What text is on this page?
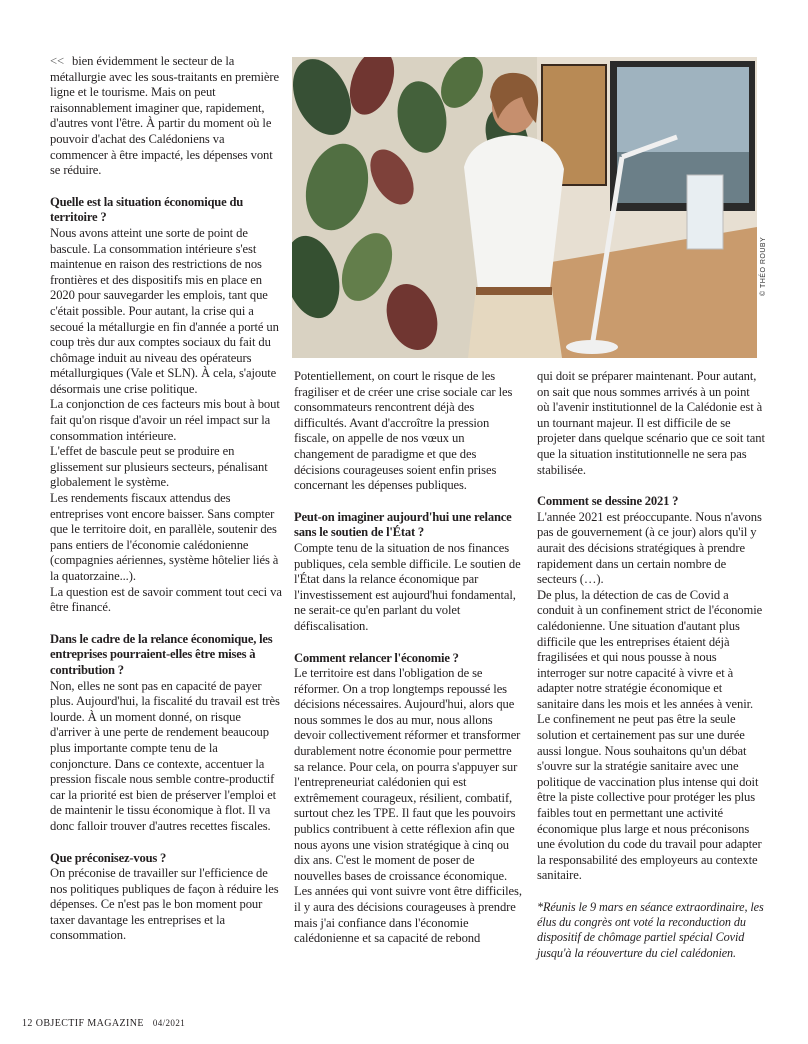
© THÉO ROUBY

<< bien évidemment le secteur de la métallurgie avec les sous-traitants en première ligne et le tourisme. Mais on peut raisonnablement imaginer que, rapidement, d'autres vont l'être. À partir du moment où le pouvoir d'achat des Calédoniens va commencer à être impacté, les dépenses vont se réduire.

Quelle est la situation économique du territoire ?

Nous avons atteint une sorte de point de bascule. La consommation intérieure s'est maintenue en raison des restrictions de nos frontières et des dispositifs mis en place en 2020 pour sauvegarder les emplois, tant que c'était possible. Pour autant, la crise qui a secoué la métallurgie en fin d'année a porté un coup très dur aux comptes sociaux du fait du chômage induit au niveau des opérateurs métallurgiques (Vale et SLN). À cela, s'ajoute désormais une crise politique.

La conjonction de ces facteurs mis bout à bout fait qu'on risque d'avoir un réel impact sur la consommation intérieure.

L'effet de bascule peut se produire en glissement sur plusieurs secteurs, pénalisant globalement le système.

Les rendements fiscaux attendus des entreprises vont encore baisser. Sans compter que le territoire doit, en parallèle, soutenir des pans entiers de l'économie calédonienne (compagnies aériennes, système hôtelier liés à la quatorzaine...).

La question est de savoir comment tout ceci va être financé.

Dans le cadre de la relance économique, les entreprises pourraient-elles être mises à contribution ?

Non, elles ne sont pas en capacité de payer plus. Aujourd'hui, la fiscalité du travail est très lourde. À un moment donné, on risque d'arriver à une perte de rendement beaucoup plus importante compte tenu de la conjoncture. Dans ce contexte, accentuer la pression fiscale nous semble contre-productif car la priorité est bien de préserver l'emploi et de maintenir le tissu économique à flot. Il va donc falloir trouver d'autres recettes fiscales.

Que préconisez-vous ?

On préconise de travailler sur l'efficience de nos politiques publiques de façon à réduire les dépenses. Ce n'est pas le bon moment pour taxer davantage les entreprises et la consommation.

Potentiellement, on court le risque de les fragiliser et de créer une crise sociale car les consommateurs rencontrent déjà des difficultés. Avant d'accroître la pression fiscale, on appelle de nos vœux un changement de paradigme et que des décisions courageuses soient enfin prises concernant les dépenses publiques.

Peut-on imaginer aujourd'hui une relance sans le soutien de l'État ?

Compte tenu de la situation de nos finances publiques, cela semble difficile. Le soutien de l'État dans la relance économique par l'investissement est aujourd'hui fondamental, ne serait-ce qu'en parlant du volet défiscalisation.

Comment relancer l'économie ?

Le territoire est dans l'obligation de se réformer. On a trop longtemps repoussé les décisions nécessaires. Aujourd'hui, alors que nous sommes le dos au mur, nous allons devoir collectivement réformer et transformer durablement notre économie pour permettre sa relance. Pour cela, on pourra s'appuyer sur l'entrepreneuriat calédonien qui est extrêmement courageux, résilient, combatif, surtout chez les TPE. Il faut que les pouvoirs publics contribuent à cette réflexion afin que nous ayons une vision stratégique à cinq ou dix ans. C'est le moment de poser de nouvelles bases de croissance économique. Les années qui vont suivre vont être difficiles, il y aura des décisions courageuses à prendre mais j'ai confiance dans l'économie calédonienne et sa capacité de rebond

qui doit se préparer maintenant. Pour autant, on sait que nous sommes arrivés à un point où l'avenir institutionnel de la Calédonie est à un tournant majeur. Il est difficile de se projeter dans quelque scénario que ce soit tant que la situation institutionnelle ne sera pas stabilisée.

Comment se dessine 2021 ?

L'année 2021 est préoccupante. Nous n'avons pas de gouvernement (à ce jour) alors qu'il y aurait des décisions stratégiques à prendre rapidement dans un certain nombre de secteurs (…).

De plus, la détection de cas de Covid a conduit à un confinement strict de l'économie calédonienne. Une situation d'autant plus difficile que les entreprises étaient déjà fragilisées et qui nous pousse à nous interroger sur notre capacité à vivre et à adapter notre stratégie économique et sanitaire dans les mois et les années à venir. Le confinement ne peut pas être la seule solution et certainement pas sur une durée aussi longue. Nous souhaitons qu'un débat s'ouvre sur la stratégie sanitaire avec une politique de vaccination plus intense qui doit être la piste collective pour protéger les plus faibles tout en permettant une activité économique plus large et nous préconisons une évolution du code du travail pour adapter la responsabilité des employeurs au contexte sanitaire.

*Réunis le 9 mars en séance extraordinaire, les élus du congrès ont voté la reconduction du dispositif de chômage partiel spécial Covid jusqu'à la réouverture du ciel calédonien.

12 OBJECTIF MAGAZINE 04/2021
